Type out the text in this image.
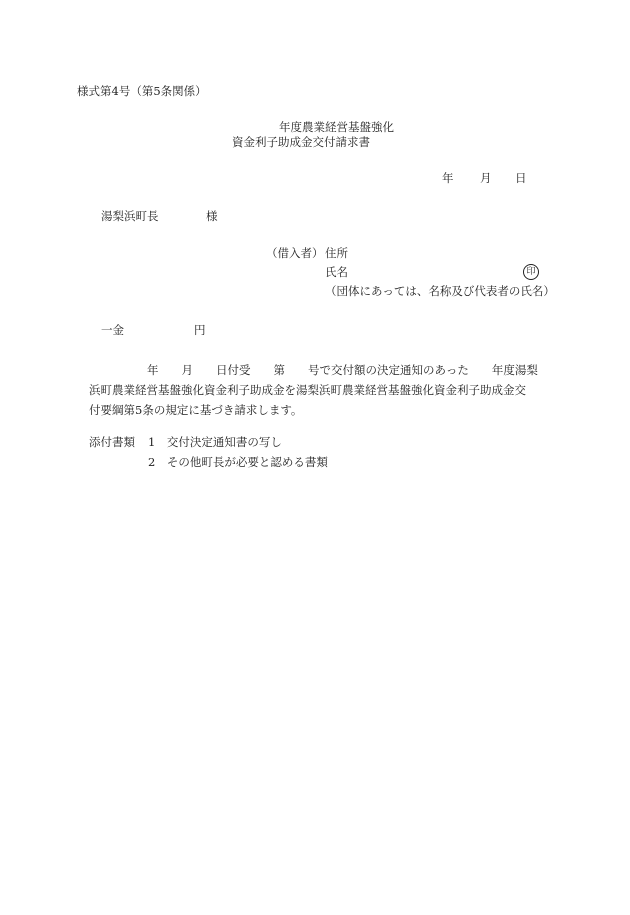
様式第4号（第5条関係）
年度農業経営基盤強化
資金利子助成金交付請求書
年 月 日
湯梨浜町長	様
（借入者） 住所
氏名	印
（団体にあっては、名称及び代表者の氏名）
一金	円
年　　月　　日付受　　第　　号で交付額の決定通知のあった　　年度湯梨
浜町農業経営基盤強化資金利子助成金を湯梨浜町農業経営基盤強化資金利子助成金交
付要綱第5条の規定に基づき請求します。
添付書類 1　交付決定通知書の写し
2　その他町長が必要と認める書類
